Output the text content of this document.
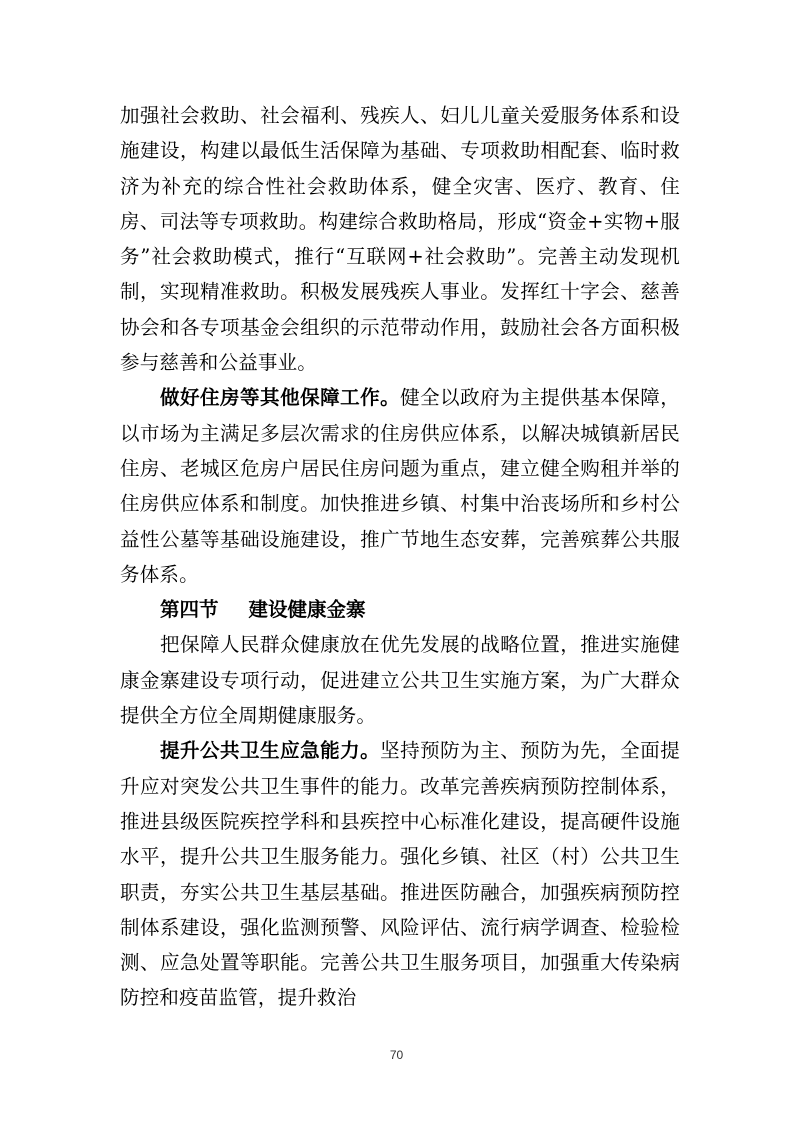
加强社会救助、社会福利、残疾人、妇儿儿童关爱服务体系和设施建设，构建以最低生活保障为基础、专项救助相配套、临时救济为补充的综合性社会救助体系，健全灾害、医疗、教育、住房、司法等专项救助。构建综合救助格局，形成“资金+实物+服务”社会救助模式，推行“互联网+社会救助”。完善主动发现机制，实现精准救助。积极发展残疾人事业。发挥红十字会、慈善协会和各专项基金会组织的示范带动作用，鼓励社会各方面积极参与慈善和公益事业。

做好住房等其他保障工作。健全以政府为主提供基本保障，以市场为主满足多层次需求的住房供应体系，以解决城镇新居民住房、老城区危房户居民住房问题为重点，建立健全购租并举的住房供应体系和制度。加快推进乡镇、村集中治丧场所和乡村公益性公墓等基础设施建设，推广节地生态安葬，完善殡葬公共服务体系。

第四节 建设健康金寨

把保障人民群众健康放在优先发展的战略位置，推进实施健康金寨建设专项行动，促进建立公共卫生实施方案，为广大群众提供全方位全周期健康服务。

提升公共卫生应急能力。坚持预防为主、预防为先，全面提升应对突发公共卫生事件的能力。改革完善疾病预防控制体系，推进县级医院疾控学科和县疾控中心标准化建设，提高硬件设施水平，提升公共卫生服务能力。强化乡镇、社区（村）公共卫生职责，夯实公共卫生基层基础。推进医防融合，加强疾病预防控制体系建设，强化监测预警、风险评估、流行病学调查、检验检测、应急处置等职能。完善公共卫生服务项目，加强重大传染病防控和疫苗监管，提升救治

70
